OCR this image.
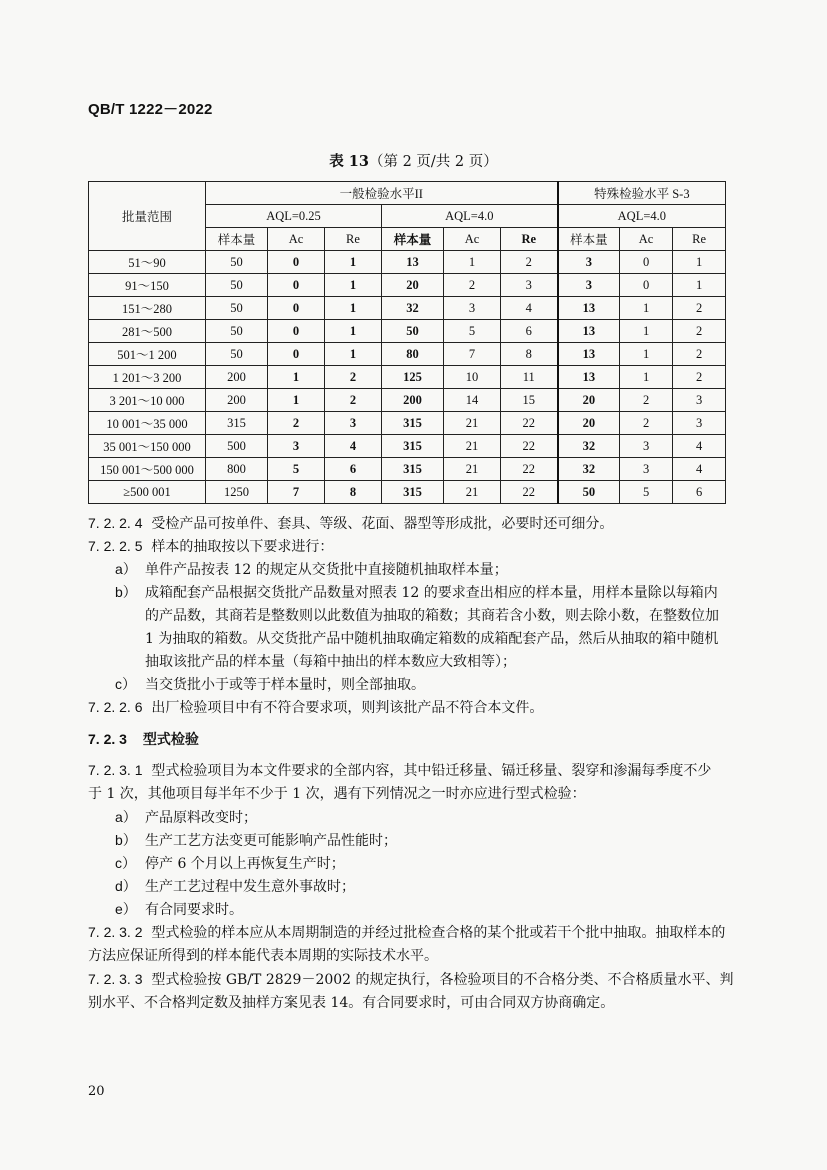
QB/T 1222－2022
表 13（第 2 页/共 2 页）
批量范围	一般检验水平II						特殊检验水平 S-3		
	AQL=0.25			AQL=4.0			AQL=4.0		
	样本量	Ac	Re	样本量	Ac	Re	样本量	Ac	Re
51～90	50	0	1	13	1	2	3	0	1
91～150	50	0	1	20	2	3	3	0	1
151～280	50	0	1	32	3	4	13	1	2
281～500	50	0	1	50	5	6	13	1	2
501～1 200	50	0	1	80	7	8	13	1	2
1 201～3 200	200	1	2	125	10	11	13	1	2
3 201～10 000	200	1	2	200	14	15	20	2	3
10 001～35 000	315	2	3	315	21	22	20	2	3
35 001～150 000	500	3	4	315	21	22	32	3	4
150 001～500 000	800	5	6	315	21	22	32	3	4
≥500 001	1250	7	8	315	21	22	50	5	6
7. 2. 2. 4 受检产品可按单件、套具、等级、花面、器型等形成批，必要时还可细分。
7. 2. 2. 5 样本的抽取按以下要求进行：
a） 单件产品按表 12 的规定从交货批中直接随机抽取样本量；
b） 成箱配套产品根据交货批产品数量对照表 12 的要求查出相应的样本量，用样本量除以每箱内
的产品数，其商若是整数则以此数值为抽取的箱数；其商若含小数，则去除小数，在整数位加
1 为抽取的箱数。从交货批产品中随机抽取确定箱数的成箱配套产品，然后从抽取的箱中随机
抽取该批产品的样本量（每箱中抽出的样本数应大致相等）；
c） 当交货批小于或等于样本量时，则全部抽取。
7. 2. 2. 6 出厂检验项目中有不符合要求项，则判该批产品不符合本文件。
7. 2. 3 型式检验
7. 2. 3. 1 型式检验项目为本文件要求的全部内容，其中铅迁移量、镉迁移量、裂穿和渗漏每季度不少
于 1 次，其他项目每半年不少于 1 次，遇有下列情况之一时亦应进行型式检验：
a） 产品原料改变时；
b） 生产工艺方法变更可能影响产品性能时；
c） 停产 6 个月以上再恢复生产时；
d） 生产工艺过程中发生意外事故时；
e） 有合同要求时。
7. 2. 3. 2 型式检验的样本应从本周期制造的并经过批检查合格的某个批或若干个批中抽取。抽取样本的
方法应保证所得到的样本能代表本周期的实际技术水平。
7. 2. 3. 3 型式检验按 GB/T 2829－2002 的规定执行，各检验项目的不合格分类、不合格质量水平、判
别水平、不合格判定数及抽样方案见表 14。有合同要求时，可由合同双方协商确定。
20
